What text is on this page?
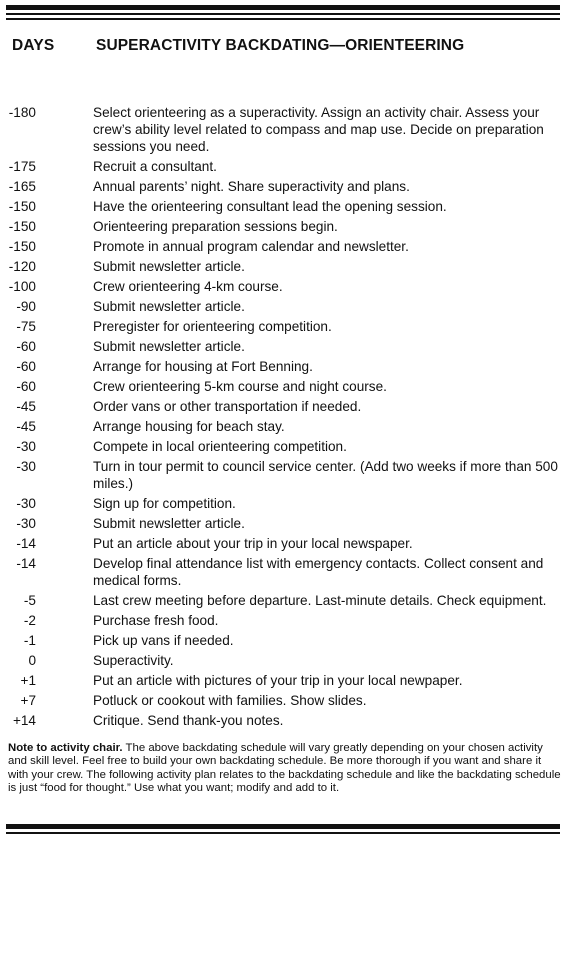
DAYS	SUPERACTIVITY BACKDATING—ORIENTEERING
-180	Select orienteering as a superactivity. Assign an activity chair. Assess your crew’s ability level related to compass and map use. Decide on preparation sessions you need.
-175	Recruit a consultant.
-165	Annual parents’ night. Share superactivity and plans.
-150	Have the orienteering consultant lead the opening session.
-150	Orienteering preparation sessions begin.
-150	Promote in annual program calendar and newsletter.
-120	Submit newsletter article.
-100	Crew orienteering 4-km course.
-90	Submit newsletter article.
-75	Preregister for orienteering competition.
-60	Submit newsletter article.
-60	Arrange for housing at Fort Benning.
-60	Crew orienteering 5-km course and night course.
-45	Order vans or other transportation if needed.
-45	Arrange housing for beach stay.
-30	Compete in local orienteering competition.
-30	Turn in tour permit to council service center. (Add two weeks if more than 500 miles.)
-30	Sign up for competition.
-30	Submit newsletter article.
-14	Put an article about your trip in your local newspaper.
-14	Develop final attendance list with emergency contacts. Collect consent and medical forms.
-5	Last crew meeting before departure. Last-minute details. Check equipment.
-2	Purchase fresh food.
-1	Pick up vans if needed.
0	Superactivity.
+1	Put an article with pictures of your trip in your local newpaper.
+7	Potluck or cookout with families. Show slides.
+14	Critique. Send thank-you notes.
Note to activity chair. The above backdating schedule will vary greatly depending on your chosen activity and skill level. Feel free to build your own backdating schedule. Be more thorough if you want and share it with your crew. The following activity plan relates to the backdating schedule and like the backdating schedule is just “food for thought.” Use what you want; modify and add to it.
